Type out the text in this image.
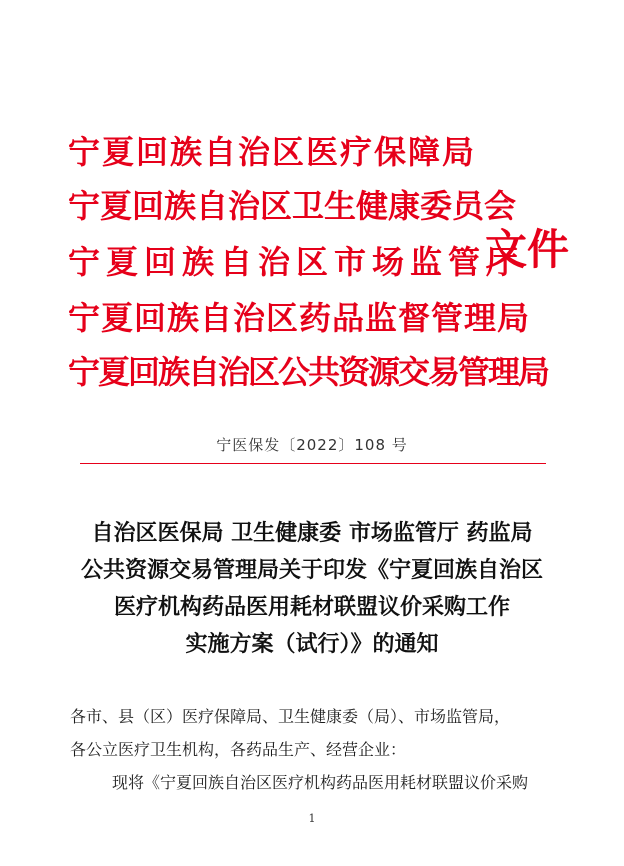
宁夏回族自治区医疗保障局
宁夏回族自治区卫生健康委员会
宁夏回族自治区市场监管厅
宁夏回族自治区药品监督管理局
宁夏回族自治区公共资源交易管理局
文件
宁医保发〔2022〕108 号
自治区医保局 卫生健康委 市场监管厅 药监局
公共资源交易管理局关于印发《宁夏回族自治区
医疗机构药品医用耗材联盟议价采购工作
实施方案（试行）》的通知
各市、县（区）医疗保障局、卫生健康委（局）、市场监管局，
各公立医疗卫生机构，各药品生产、经营企业：
现将《宁夏回族自治区医疗机构药品医用耗材联盟议价采购
1
